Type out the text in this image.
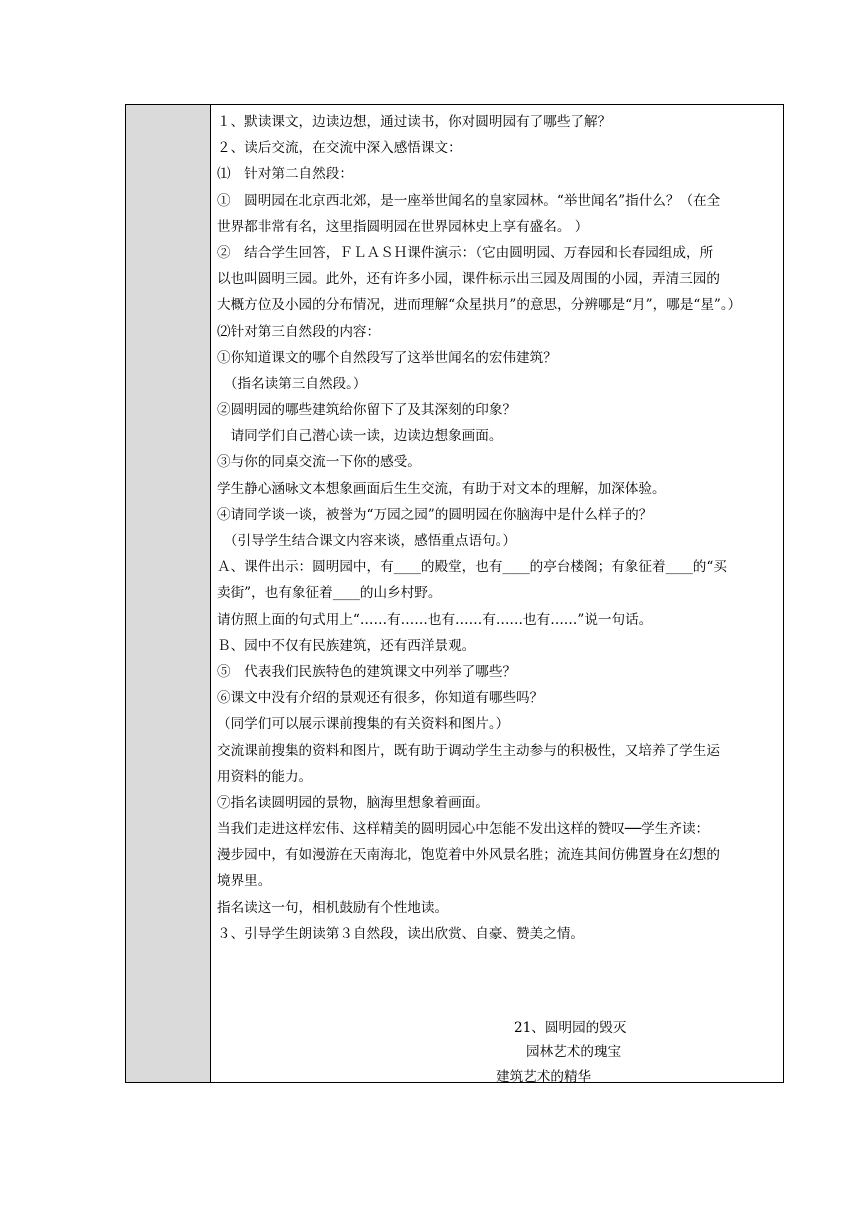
１、默读课文，边读边想，通过读书，你对圆明园有了哪些了解？
２、读后交流，在交流中深入感悟课文：
⑴　针对第二自然段：
①　圆明园在北京西北郊，是一座举世闻名的皇家园林。“举世闻名”指什么？（在全
世界都非常有名，这里指圆明园在世界园林史上享有盛名。 ）
②　结合学生回答，ＦＬＡＳＨ课件演示：（它由圆明园、万春园和长春园组成，所
以也叫圆明三园。此外，还有许多小园，课件标示出三园及周围的小园，弄清三园的
大概方位及小园的分布情况，进而理解“众星拱月”的意思，分辨哪是“月”，哪是“星”。）
⑵针对第三自然段的内容：
①你知道课文的哪个自然段写了这举世闻名的宏伟建筑？
　（指名读第三自然段。）
②圆明园的哪些建筑给你留下了及其深刻的印象？
　请同学们自己潜心读一读，边读边想象画面。
③与你的同桌交流一下你的感受。
学生静心涵咏文本想象画面后生生交流，有助于对文本的理解，加深体验。
④请同学谈一谈，被誉为“万园之园”的圆明园在你脑海中是什么样子的？
　（引导学生结合课文内容来谈，感悟重点语句。）
Ａ、课件出示：圆明园中，有____的殿堂，也有____的亭台楼阁；有象征着____的“买
卖街”，也有象征着____的山乡村野。
请仿照上面的句式用上“……有……也有……有……也有……”说一句话。
Ｂ、园中不仅有民族建筑，还有西洋景观。
⑤　代表我们民族特色的建筑课文中列举了哪些？
⑥课文中没有介绍的景观还有很多，你知道有哪些吗？
（同学们可以展示课前搜集的有关资料和图片。）
交流课前搜集的资料和图片，既有助于调动学生主动参与的积极性，又培养了学生运
用资料的能力。
⑦指名读圆明园的景物，脑海里想象着画面。
当我们走进这样宏伟、这样精美的圆明园心中怎能不发出这样的赞叹──学生齐读：
漫步园中，有如漫游在天南海北，饱览着中外风景名胜；流连其间仿佛置身在幻想的
境界里。
指名读这一句，相机鼓励有个性地读。
３、引导学生朗读第３自然段，读出欣赏、自豪、赞美之情。
21、圆明园的毁灭
园林艺术的瑰宝
建筑艺术的精华
